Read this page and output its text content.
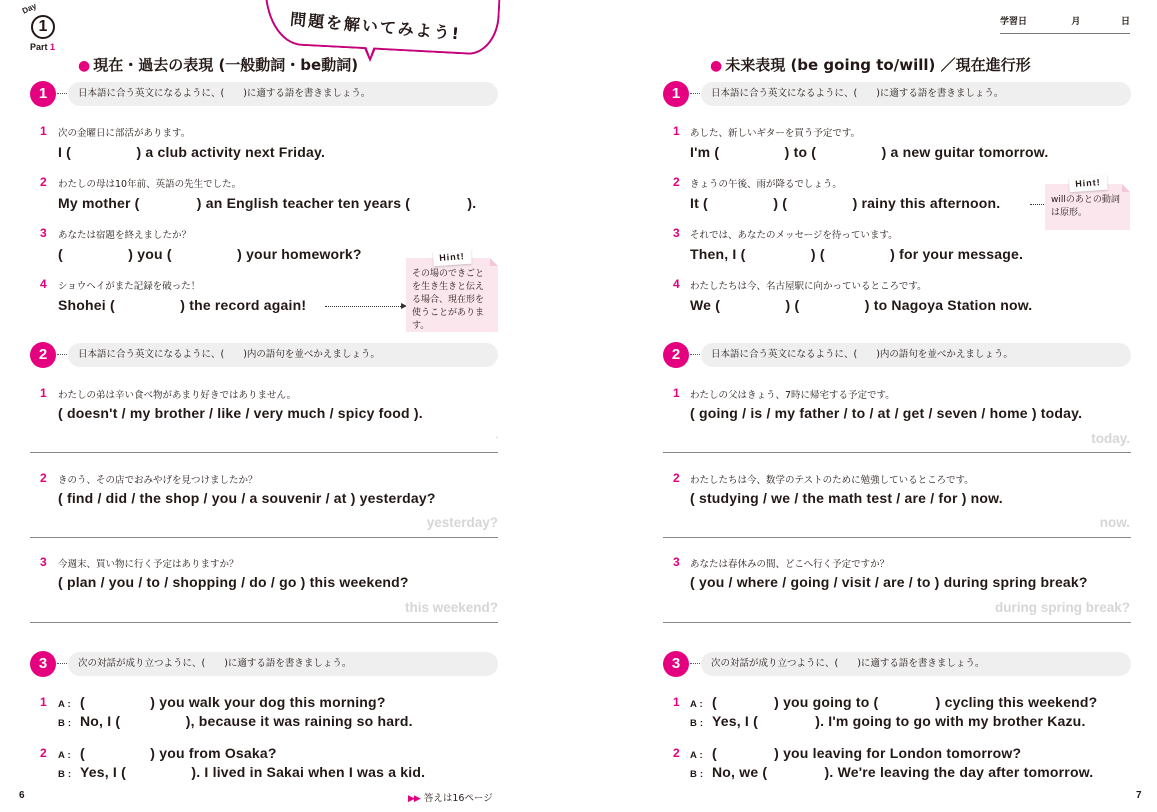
Day
1
Part 1
問題を解いてみよう!
● 現在・過去の表現 (一般動詞・be動詞)
1	日本語に合う英文になるように、(　　)に適する語を書きましょう。
1 次の金曜日に部活があります。
I (                ) a club activity next Friday.
2 わたしの母は10年前、英語の先生でした。
My mother (              ) an English teacher ten years (              ).
3 あなたは宿題を終えましたか？
(                ) you (                ) your homework?
4 ショウヘイがまた記録を破った！
Shohei (                ) the record again!
Hint!
その場のできごとを生き生きと伝える場合、現在形を使うことがあります。
2	日本語に合う英文になるように、(　　)内の語句を並べかえましょう。
1 わたしの弟は辛い食べ物があまり好きではありません。
( doesn't / my brother / like / very much / spicy food ).
.
2 きのう、その店でおみやげを見つけましたか？
( find / did / the shop / you / a souvenir / at ) yesterday?
yesterday?
3 今週末、買い物に行く予定はありますか？
( plan / you / to / shopping / do / go ) this weekend?
this weekend?
3	次の対話が成り立つように、(　　)に適する語を書きましょう。
1 A : (                ) you walk your dog this morning?
B : No, I (                ), because it was raining so hard.
2 A : (                ) you from Osaka?
B : Yes, I (                ). I lived in Sakai when I was a kid.
6	▶▶ 答えは16ページ
学習日	月	日
● 未来表現 (be going to/will) ／現在進行形
1	日本語に合う英文になるように、(　　)に適する語を書きましょう。
1 あした、新しいギターを買う予定です。
I'm (                ) to (                ) a new guitar tomorrow.
2 きょうの午後、雨が降るでしょう。
It (                ) (                ) rainy this afternoon.
Hint!
willのあとの動詞は原形。
3 それでは、あなたのメッセージを待っています。
Then, I (                ) (                ) for your message.
4 わたしたちは今、名古屋駅に向かっているところです。
We (                ) (                ) to Nagoya Station now.
2	日本語に合う英文になるように、(　　)内の語句を並べかえましょう。
1 わたしの父はきょう、7時に帰宅する予定です。
( going / is / my father / to / at / get / seven / home ) today.
today.
2 わたしたちは今、数学のテストのために勉強しているところです。
( studying / we / the math test / are / for ) now.
now.
3 あなたは春休みの間、どこへ行く予定ですか？
( you / where / going / visit / are / to ) during spring break?
during spring break?
3	次の対話が成り立つように、(　　)に適する語を書きましょう。
1 A : (              ) you going to (              ) cycling this weekend?
B : Yes, I (              ). I'm going to go with my brother Kazu.
2 A : (              ) you leaving for London tomorrow?
B : No, we (              ). We're leaving the day after tomorrow.
7
